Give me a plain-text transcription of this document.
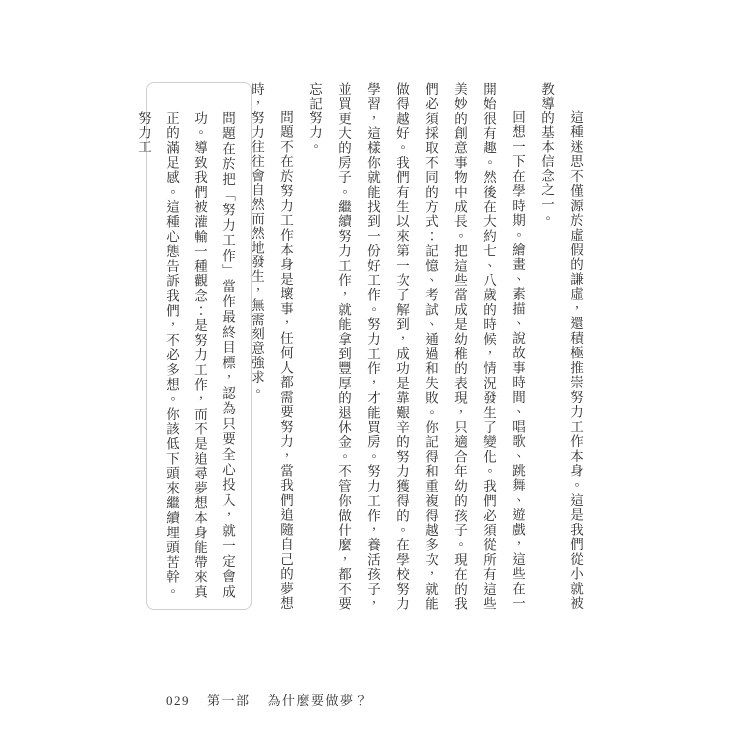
這種迷思不僅源於虛假的謙虛，還積極推崇努力工作本身。這是我們從小就被教導的基本信念之一。

回想一下在學時期。繪畫、素描、說故事時間、唱歌、跳舞、遊戲，這些在一開始很有趣。然後在大約七、八歲的時候，情況發生了變化。我們必須從所有這些美妙的創意事物中成長。把這些當成是幼稚的表現，只適合年幼的孩子。現在的我們必須採取不同的方式：記憶、考試、通過和失敗。你記得和重複得越多次，就能做得越好。我們有生以來第一次了解到，成功是靠艱辛的努力獲得的。在學校努力學習，這樣你就能找到一份好工作。努力工作，才能買房。努力工作，養活孩子，並買更大的房子。繼續努力工作，就能拿到豐厚的退休金。不管你做什麼，都不要忘記努力。

問題不在於努力工作本身是壞事，任何人都需要努力，當我們追隨自己的夢想時，努力往往會自然而然地發生，無需刻意強求。

問題在於把「努力工作」當作最終目標，認為只要全心投入，就一定會成功。導致我們被灌輸一種觀念：是努力工作，而不是追尋夢想本身能帶來真正的滿足感。這種心態告訴我們，不必多想。你該低下頭來繼續埋頭苦幹。努力工

029 第一部 為什麼要做夢？
